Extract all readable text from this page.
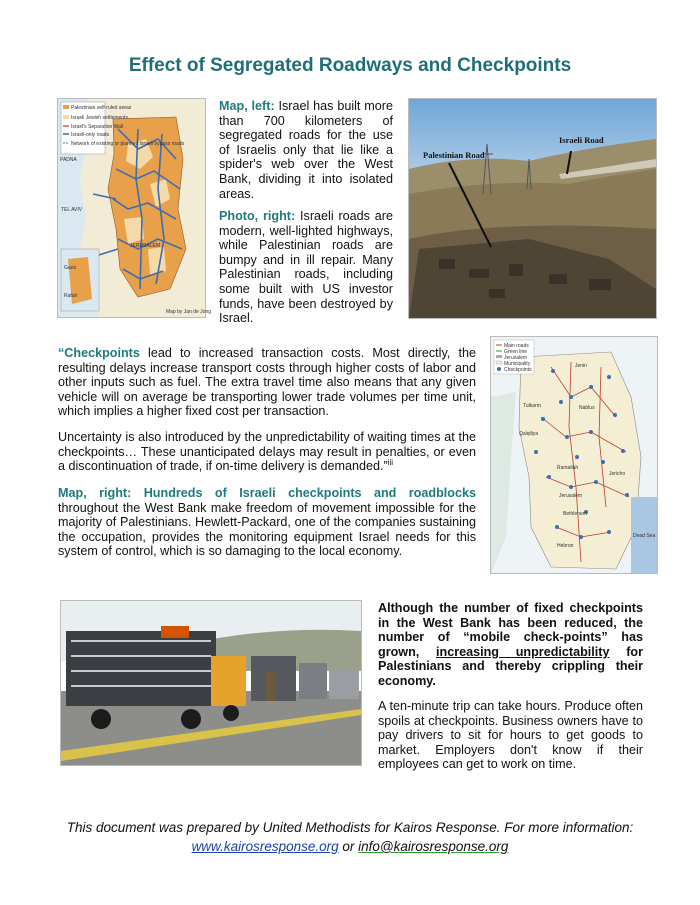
Effect of Segregated Roadways and Checkpoints
Palestinian self-ruled areas
Israeli Jewish settlements
Israel's Separation Wall
Israeli-only roads
Network of existing or planned Israeli bypass roads
PADNA
TEL AVIV
JERUSALEM
Gaza
Rafah
Map by Jan de Jong
Map, left: Israel has built more than 700 kilometers of segregated roads for the use of Israelis only that lie like a spider's web over the West Bank, dividing it into isolated areas.
Photo, right: Israeli roads are modern, well-lighted highways, while Palestinian roads are bumpy and in ill repair. Many Palestinian roads, including some built with US investor funds, have been destroyed by Israel.
Palestinian Road
Israeli Road
“Checkpoints lead to increased transaction costs. Most directly, the resulting delays increase transport costs through higher costs of labor and other inputs such as fuel. The extra travel time also means that any given vehicle will on average be transporting lower trade volumes per time unit, which implies a higher fixed cost per transaction.
Uncertainty is also introduced by the unpredictability of waiting times at the checkpoints… These unanticipated delays may result in penalties, or even a discontinuation of trade, if on-time delivery is demanded.”$^{iii}$
Map, right: Hundreds of Israeli checkpoints and roadblocks throughout the West Bank make freedom of movement impossible for the majority of Palestinians. Hewlett-Packard, one of the companies sustaining the occupation, provides the monitoring equipment Israel needs for this system of control, which is so damaging to the local economy.
Main roads
Green line
Jerusalem
Municipality
Checkpoints
Jenin
Tulkarm	Nablus
Qalqiliya
Ramallah
Jericho
Jerusalem
Bethlehem
Hebron
Dead Sea
Although the number of fixed checkpoints in the West Bank has been reduced, the number of “mobile check-points” has grown, increasing unpredictability for Palestinians and thereby crippling their economy.
A ten-minute trip can take hours. Produce often spoils at checkpoints. Business owners have to pay drivers to sit for hours to get goods to market. Employers don't know if their employees can get to work on time.
This document was prepared by United Methodists for Kairos Response. For more information:
www.kairosresponse.org or info@kairosresponse.org
